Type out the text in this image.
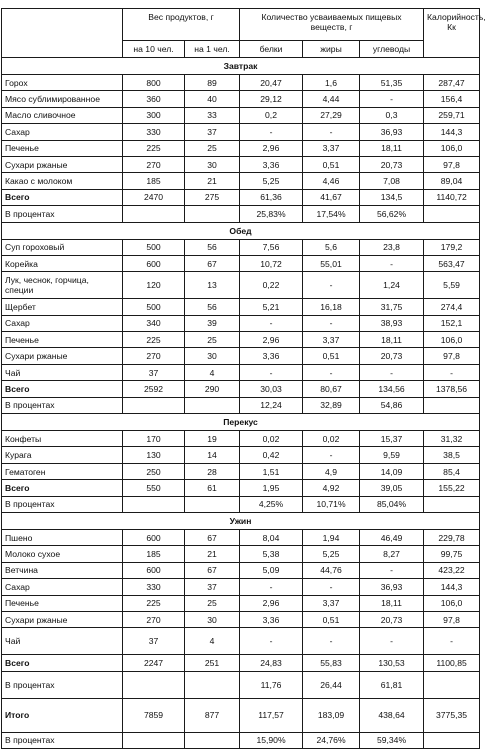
	Вес продуктов, г		Количество усваиваемых пищевых веществ, г			Калорийность, Кк
	на 10 чел.	на 1 чел.	белки	жиры	углеводы	
Завтрак						
Горох	800	89	20,47	1,6	51,35	287,47
Мясо сублимированное	360	40	29,12	4,44	-	156,4
Масло сливочное	300	33	0,2	27,29	0,3	259,71
Сахар	330	37	-	-	36,93	144,3
Печенье	225	25	2,96	3,37	18,11	106,0
Сухари ржаные	270	30	3,36	0,51	20,73	97,8
Какао с молоком	185	21	5,25	4,46	7,08	89,04
Всего	2470	275	61,36	41,67	134,5	1140,72
В процентах			25,83%	17,54%	56,62%	
Обед						
Суп гороховый	500	56	7,56	5,6	23,8	179,2
Корейка	600	67	10,72	55,01	-	563,47
Лук, чеснок, горчица, специи	120	13	0,22	-	1,24	5,59
Щербет	500	56	5,21	16,18	31,75	274,4
Сахар	340	39	-	-	38,93	152,1
Печенье	225	25	2,96	3,37	18,11	106,0
Сухари ржаные	270	30	3,36	0,51	20,73	97,8
Чай	37	4	-	-	-	-
Всего	2592	290	30,03	80,67	134,56	1378,56
В процентах			12,24	32,89	54,86	
Перекус						
Конфеты	170	19	0,02	0,02	15,37	31,32
Курага	130	14	0,42	-	9,59	38,5
Гематоген	250	28	1,51	4,9	14,09	85,4
Всего	550	61	1,95	4,92	39,05	155,22
В процентах			4,25%	10,71%	85,04%	
Ужин						
Пшено	600	67	8,04	1,94	46,49	229,78
Молоко сухое	185	21	5,38	5,25	8,27	99,75
Ветчина	600	67	5,09	44,76	-	423,22
Сахар	330	37	-	-	36,93	144,3
Печенье	225	25	2,96	3,37	18,11	106,0
Сухари ржаные	270	30	3,36	0,51	20,73	97,8
Чай	37	4	-	-	-	-
Всего	2247	251	24,83	55,83	130,53	1100,85
В процентах			11,76	26,44	61,81	
Итого	7859	877	117,57	183,09	438,64	3775,35
В процентах			15,90%	24,76%	59,34%	
